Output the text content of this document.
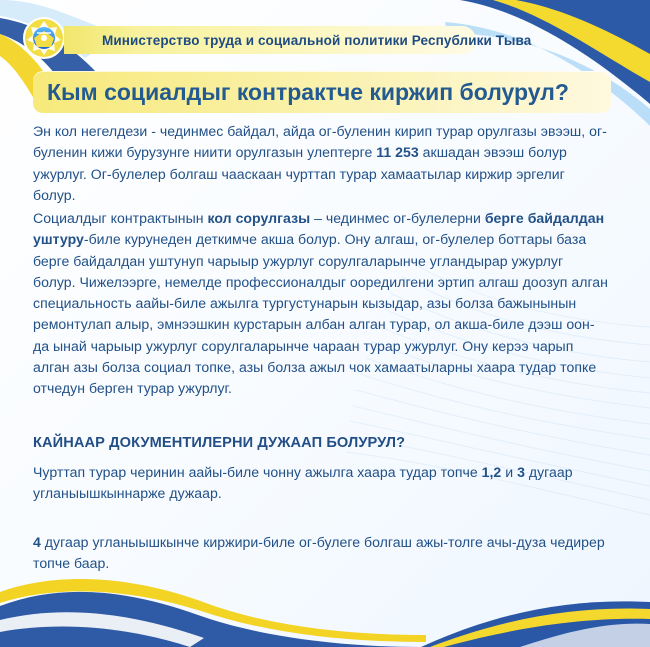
Министерство труда и социальной политики Республики Тыва
Кым социалдыг контрактче киржип болурул?

Эн кол негелдези - чединмес байдал, айда ог-буленин кирип турар орулгазы эвээш, ог-буленин кижи бурузунге ниити орулгазын улептерге 11 253 акшадан эвээш болур ужурлуг. Ог-булелер болгаш чааскаан чурттап турар хамаатылар киржир эргелиг болур.

Социалдыг контрактынын кол сорулгазы – чединмес ог-булелерни берге байдалдан уштуру-биле курунеден деткимче акша болур. Ону алгаш, ог-булелер боттары база берге байдалдан уштунуп чарыыр ужурлуг сорулгаларынче угландырар ужурлуг болур. Чижелээрге, немелде профессионалдыг ооредилгени эртип алгаш доозуп алган специальность аайы-биле ажылга тургустунарын кызыдар, азы болза бажынынын ремонтулап алыр, эмнээшкин курстарын албан алган турар, ол акша-биле дээш оон-да ынай чарыыр ужурлуг сорулгаларынче чараан турар ужурлуг. Ону керээ чарып алган азы болза социал топке, азы болза ажыл чок хамаатыларны хаара тудар топке отчедун берген турар ужурлуг.

КАЙНААР ДОКУМЕНТИЛЕРНИ ДУЖААП БОЛУРУЛ?

Чурттап турар черинин аайы-биле чонну ажылга хаара тудар топче 1,2 и 3 дугаар угланыышкыннарже дужаар.

4 дугаар угланыышкынче киржири-биле ог-булеге болгаш ажы-толге ачы-дуза чедирер топче баар.
